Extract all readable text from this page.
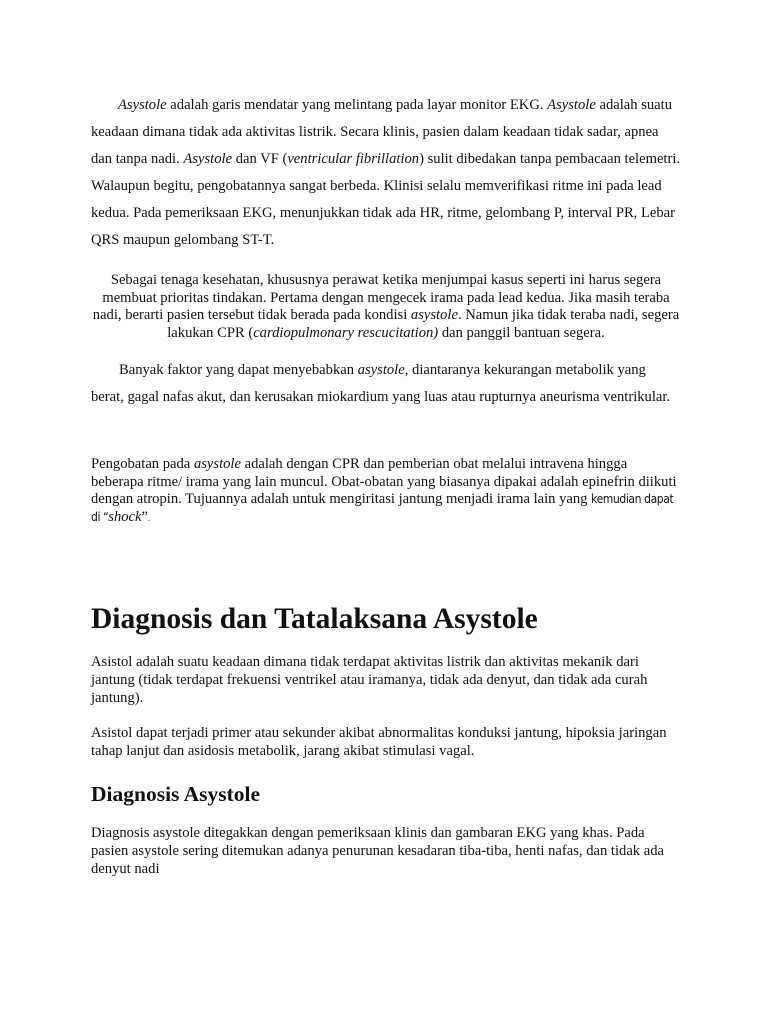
Asystole adalah garis mendatar yang melintang pada layar monitor EKG. Asystole adalah suatu keadaan dimana tidak ada aktivitas listrik. Secara klinis, pasien dalam keadaan tidak sadar, apnea dan tanpa nadi. Asystole dan VF (ventricular fibrillation) sulit dibedakan tanpa pembacaan telemetri. Walaupun begitu, pengobatannya sangat berbeda. Klinisi selalu memverifikasi ritme ini pada lead kedua. Pada pemeriksaan EKG, menunjukkan tidak ada HR, ritme, gelombang P, interval PR, Lebar QRS maupun gelombang ST-T.

Sebagai tenaga kesehatan, khususnya perawat ketika menjumpai kasus seperti ini harus segera membuat prioritas tindakan. Pertama dengan mengecek irama pada lead kedua. Jika masih teraba nadi, berarti pasien tersebut tidak berada pada kondisi asystole. Namun jika tidak teraba nadi, segera lakukan CPR (cardiopulmonary rescucitation) dan panggil bantuan segera.

Banyak faktor yang dapat menyebabkan asystole, diantaranya kekurangan metabolik yang berat, gagal nafas akut, dan kerusakan miokardium yang luas atau rupturnya aneurisma ventrikular.

Pengobatan pada asystole adalah dengan CPR dan pemberian obat melalui intravena hingga beberapa ritme/ irama yang lain muncul. Obat-obatan yang biasanya dipakai adalah epinefrin diikuti dengan atropin. Tujuannya adalah untuk mengiritasi jantung menjadi irama lain yang kemudian dapat di “shock”.

Diagnosis dan Tatalaksana Asystole

Asistol adalah suatu keadaan dimana tidak terdapat aktivitas listrik dan aktivitas mekanik dari jantung (tidak terdapat frekuensi ventrikel atau iramanya, tidak ada denyut, dan tidak ada curah jantung).

Asistol dapat terjadi primer atau sekunder akibat abnormalitas konduksi jantung, hipoksia jaringan tahap lanjut dan asidosis metabolik, jarang akibat stimulasi vagal.

Diagnosis Asystole

Diagnosis asystole ditegakkan dengan pemeriksaan klinis dan gambaran EKG yang khas. Pada pasien asystole sering ditemukan adanya penurunan kesadaran tiba-tiba, henti nafas, dan tidak ada denyut nadi
